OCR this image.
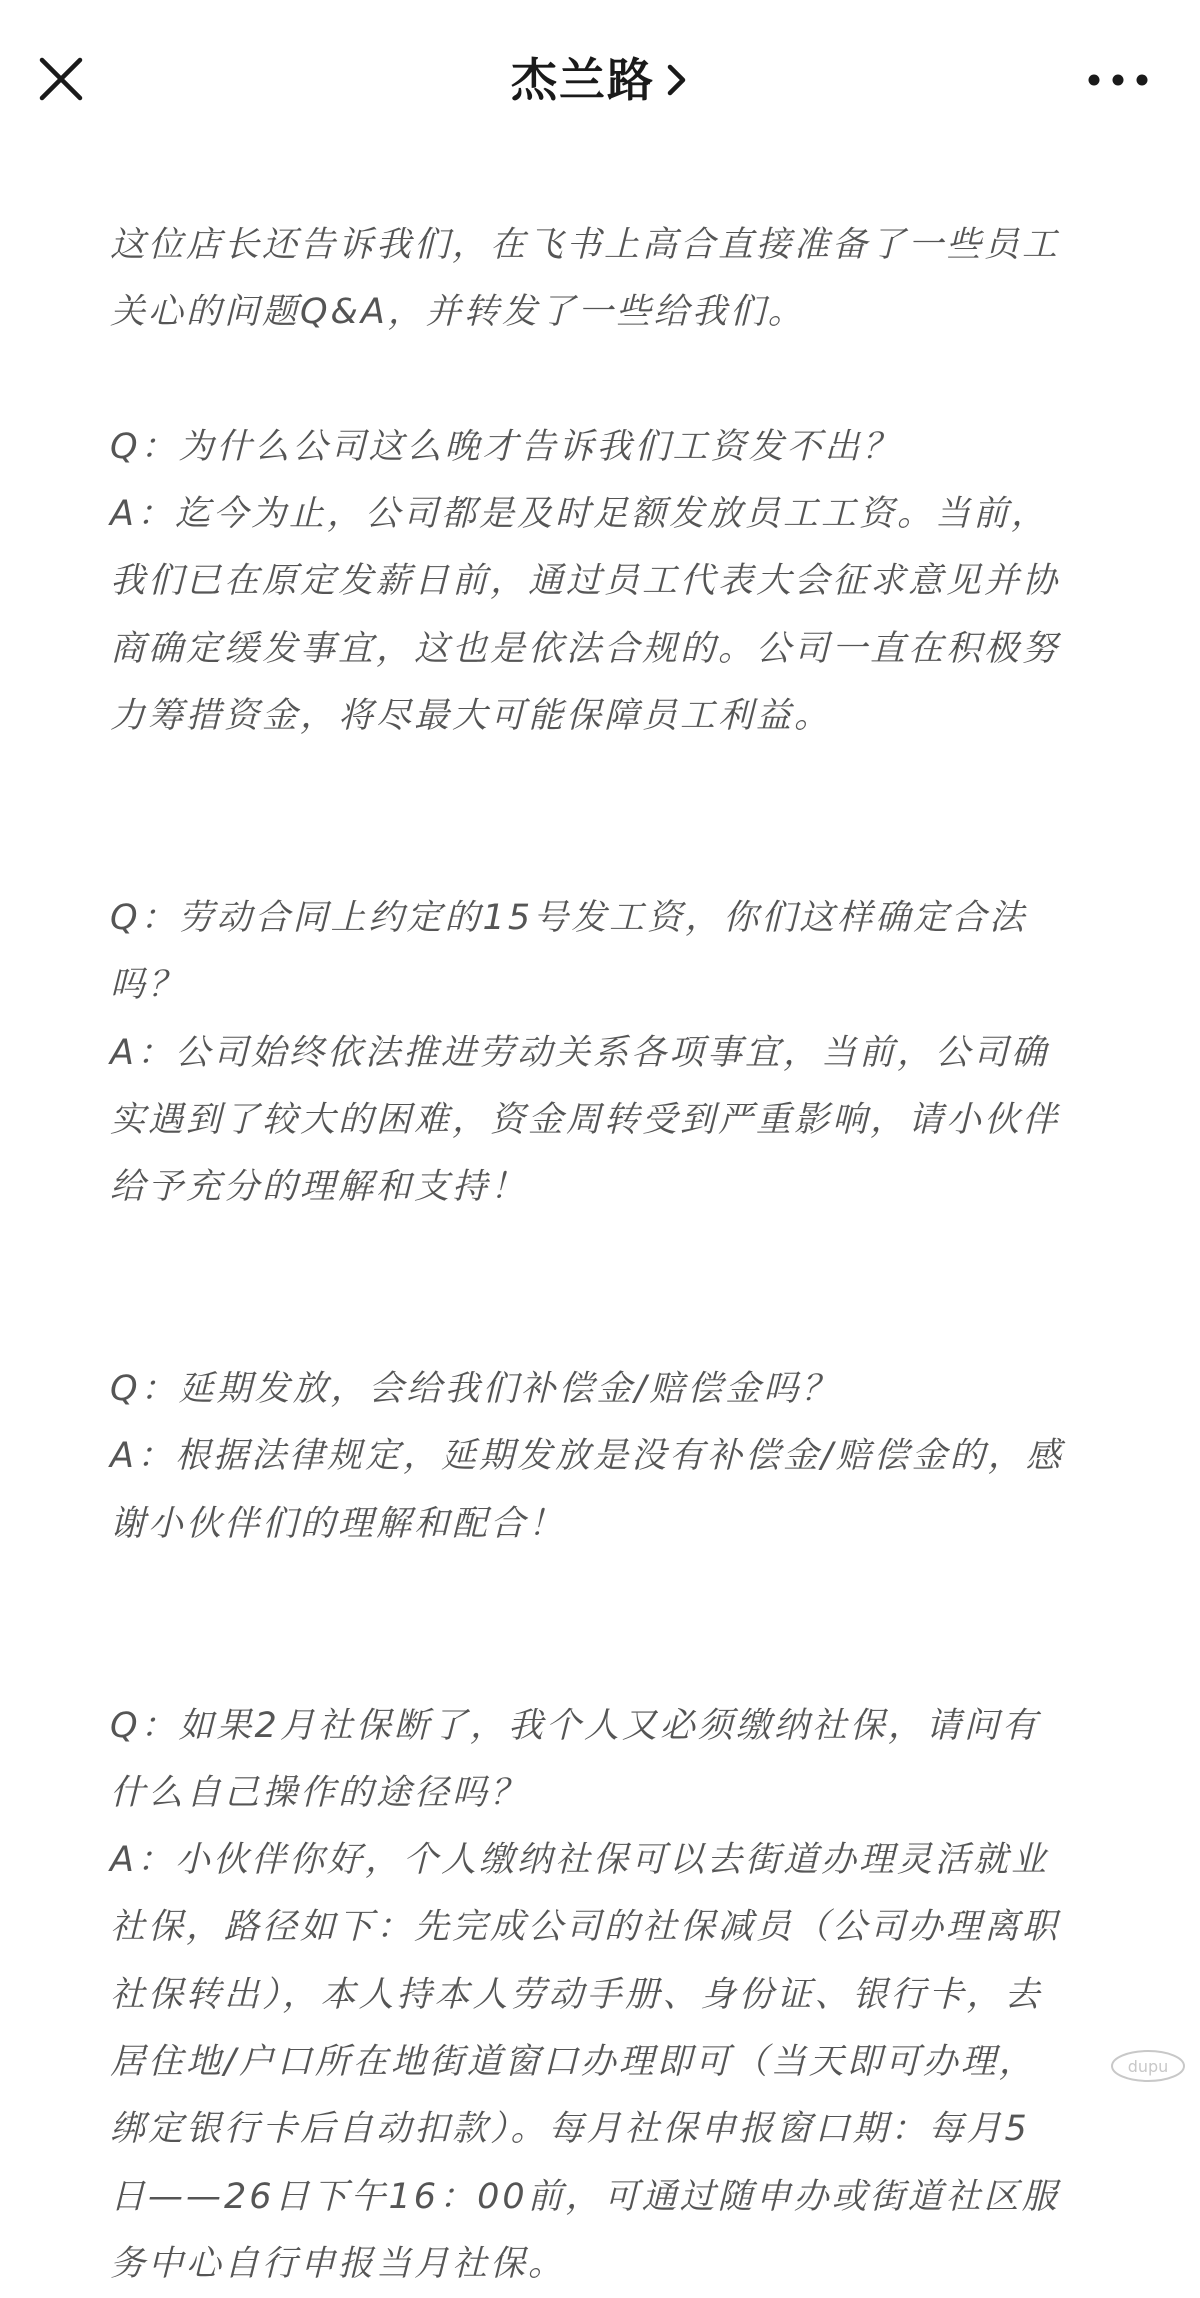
杰兰路

这位店长还告诉我们，在飞书上高合直接准备了一些员工

关心的问题Q&A，并转发了一些给我们。

Q：为什么公司这么晚才告诉我们工资发不出？

A：迄今为止，公司都是及时足额发放员工工资。当前，

我们已在原定发薪日前，通过员工代表大会征求意见并协

商确定缓发事宜，这也是依法合规的。公司一直在积极努

力筹措资金，将尽最大可能保障员工利益。

Q：劳动合同上约定的15号发工资，你们这样确定合法

吗？

A：公司始终依法推进劳动关系各项事宜，当前，公司确

实遇到了较大的困难，资金周转受到严重影响，请小伙伴

给予充分的理解和支持！

Q：延期发放，会给我们补偿金/赔偿金吗？

A：根据法律规定，延期发放是没有补偿金/赔偿金的，感

谢小伙伴们的理解和配合！

Q：如果2月社保断了，我个人又必须缴纳社保，请问有

什么自己操作的途径吗？

A：小伙伴你好，个人缴纳社保可以去街道办理灵活就业

社保，路径如下：先完成公司的社保减员（公司办理离职

社保转出），本人持本人劳动手册、身份证、银行卡，去

居住地/户口所在地街道窗口办理即可（当天即可办理，

绑定银行卡后自动扣款）。每月社保申报窗口期：每月5

日——26日下午16：00前，可通过随申办或街道社区服

务中心自行申报当月社保。

dupu
